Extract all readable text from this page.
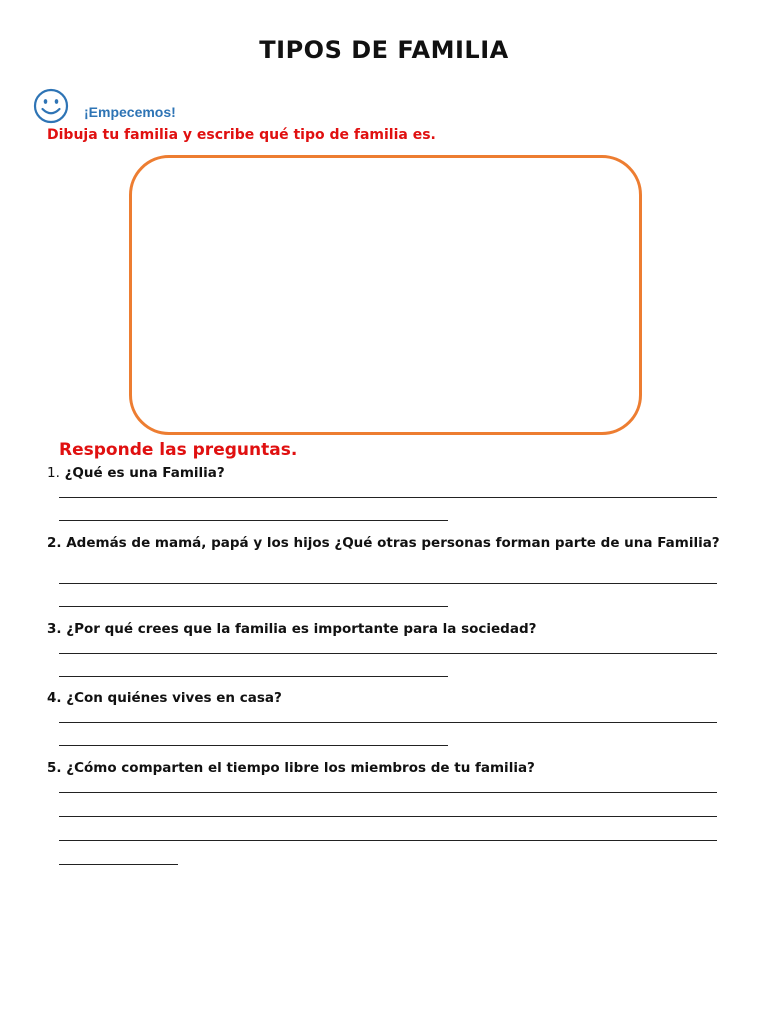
TIPOS DE FAMILIA
¡Empecemos!
Dibuja tu familia y escribe qué tipo de familia es.
Responde las preguntas.
1. ¿Qué es una Familia?
2. Además de mamá, papá y los hijos ¿Qué otras personas forman parte de una Familia?
3. ¿Por qué crees que la familia es importante para la sociedad?
4. ¿Con quiénes vives en casa?
5. ¿Cómo comparten el tiempo libre los miembros de tu familia?
